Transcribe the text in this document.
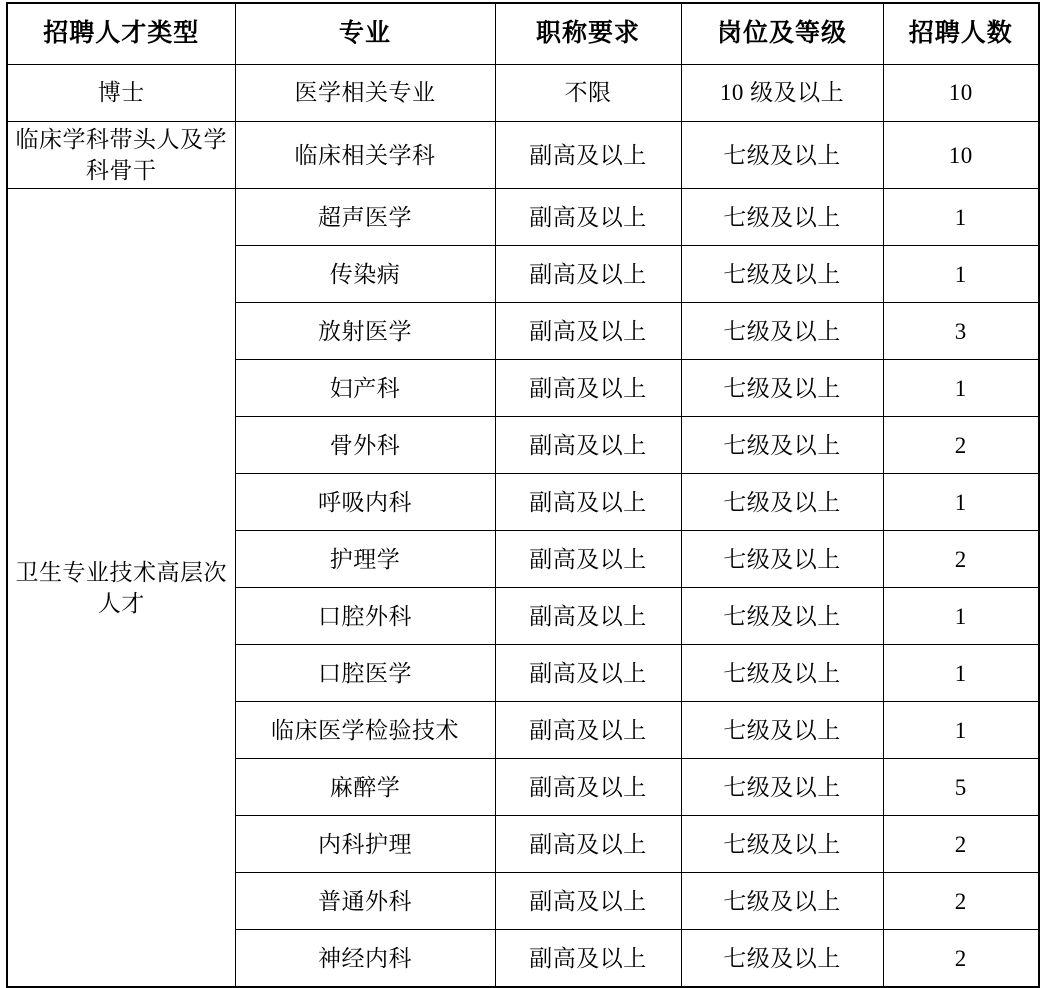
招聘人才类型	专业	职称要求	岗位及等级	招聘人数
博士	医学相关专业	不限	10 级及以上	10
临床学科带头人及学科骨干	临床相关学科	副高及以上	七级及以上	10
卫生专业技术高层次人才	超声医学	副高及以上	七级及以上	1
	传染病	副高及以上	七级及以上	1
	放射医学	副高及以上	七级及以上	3
	妇产科	副高及以上	七级及以上	1
	骨外科	副高及以上	七级及以上	2
	呼吸内科	副高及以上	七级及以上	1
	护理学	副高及以上	七级及以上	2
	口腔外科	副高及以上	七级及以上	1
	口腔医学	副高及以上	七级及以上	1
	临床医学检验技术	副高及以上	七级及以上	1
	麻醉学	副高及以上	七级及以上	5
	内科护理	副高及以上	七级及以上	2
	普通外科	副高及以上	七级及以上	2
	神经内科	副高及以上	七级及以上	2
